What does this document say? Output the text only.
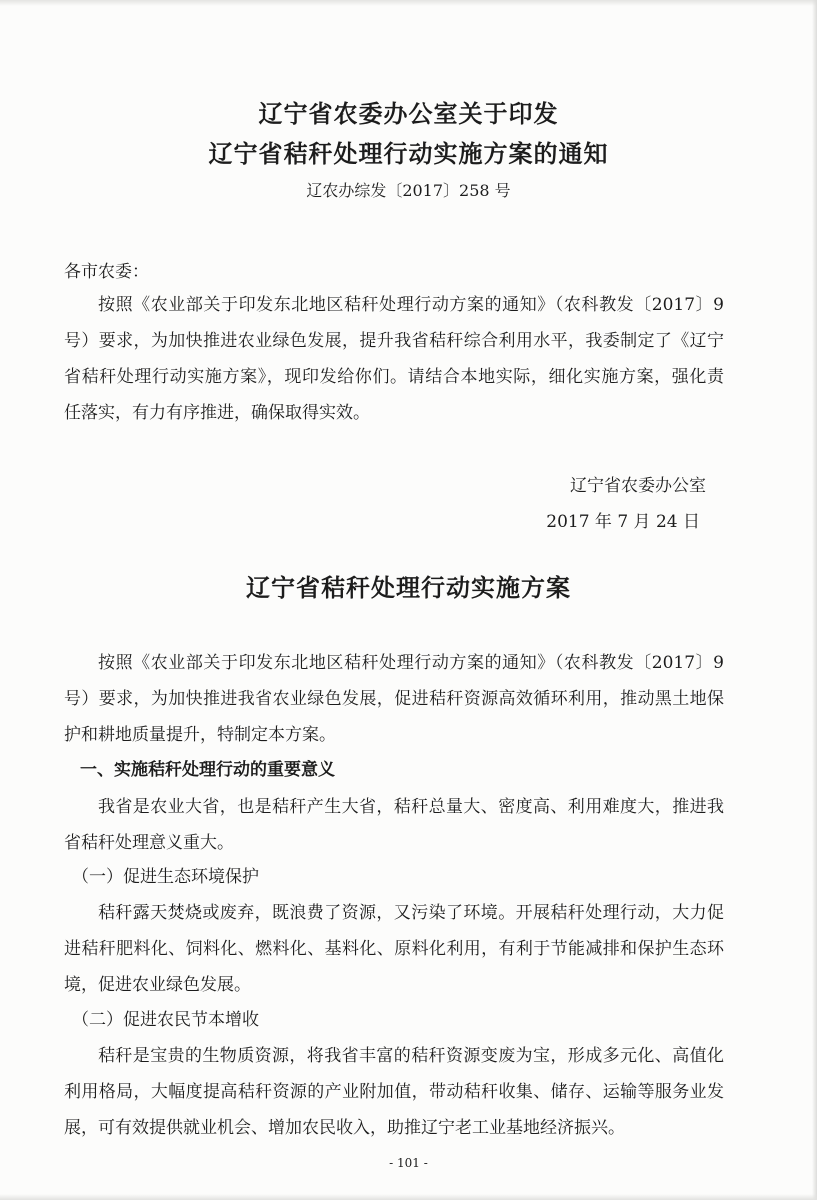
辽宁省农委办公室关于印发
辽宁省秸秆处理行动实施方案的通知
辽农办综发〔2017〕258 号
各市农委：
按照《农业部关于印发东北地区秸秆处理行动方案的通知》（农科教发〔2017〕9
号）要求，为加快推进农业绿色发展，提升我省秸秆综合利用水平，我委制定了《辽宁
省秸秆处理行动实施方案》，现印发给你们。请结合本地实际，细化实施方案，强化责
任落实，有力有序推进，确保取得实效。
辽宁省农委办公室
2017 年 7 月 24 日
辽宁省秸秆处理行动实施方案
按照《农业部关于印发东北地区秸秆处理行动方案的通知》（农科教发〔2017〕9
号）要求，为加快推进我省农业绿色发展，促进秸秆资源高效循环利用，推动黑土地保
护和耕地质量提升，特制定本方案。
一、实施秸秆处理行动的重要意义
我省是农业大省，也是秸秆产生大省，秸秆总量大、密度高、利用难度大，推进我
省秸秆处理意义重大。
（一）促进生态环境保护
秸秆露天焚烧或废弃，既浪费了资源，又污染了环境。开展秸秆处理行动，大力促
进秸秆肥料化、饲料化、燃料化、基料化、原料化利用，有利于节能减排和保护生态环
境，促进农业绿色发展。
（二）促进农民节本增收
秸秆是宝贵的生物质资源，将我省丰富的秸秆资源变废为宝，形成多元化、高值化
利用格局，大幅度提高秸秆资源的产业附加值，带动秸秆收集、储存、运输等服务业发
展，可有效提供就业机会、增加农民收入，助推辽宁老工业基地经济振兴。
- 101 -
